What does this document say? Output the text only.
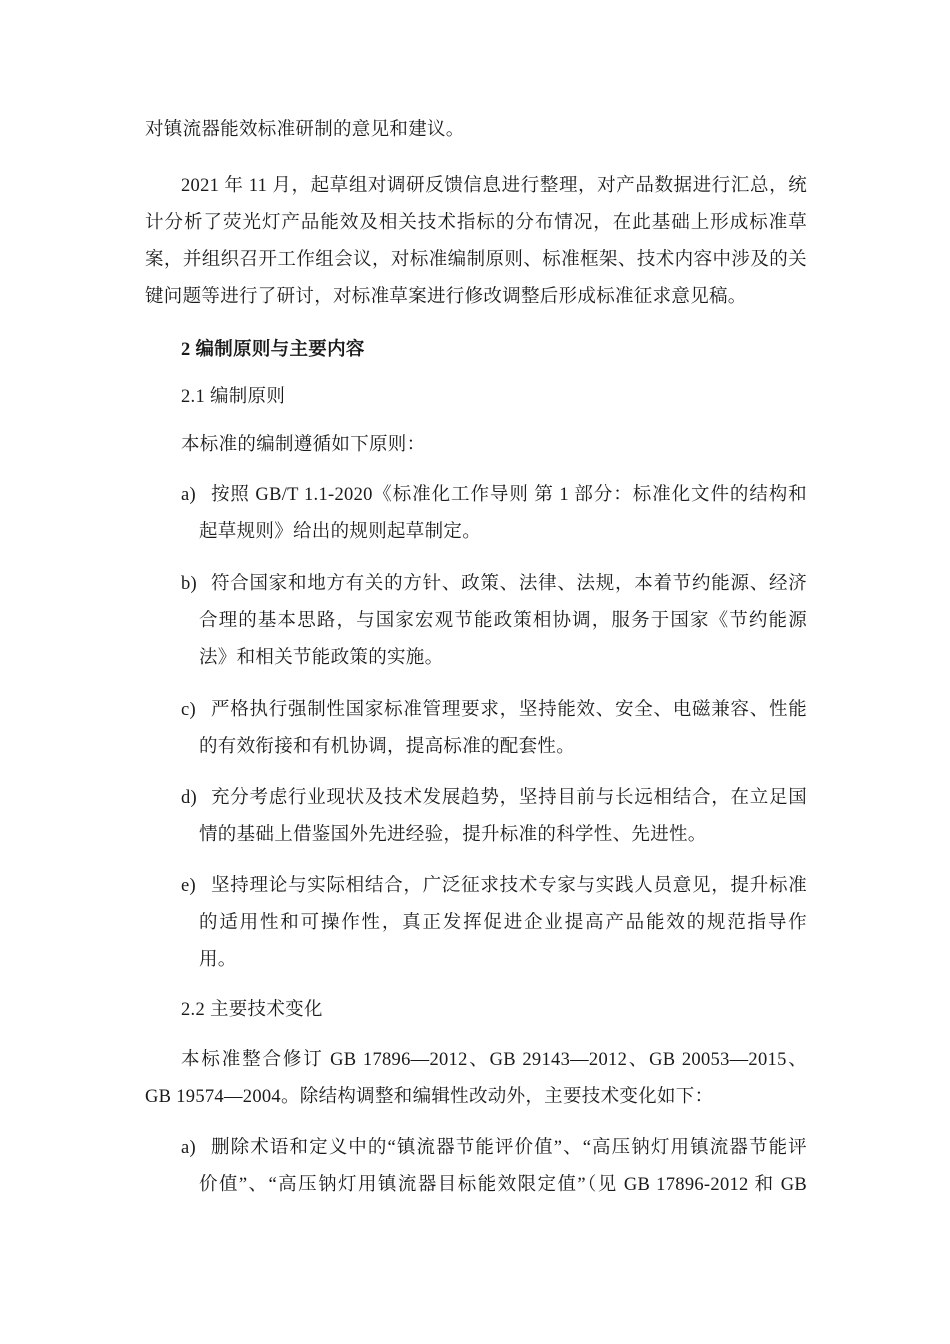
对镇流器能效标准研制的意见和建议。
2021 年 11 月，起草组对调研反馈信息进行整理，对产品数据进行汇总，统
计分析了荧光灯产品能效及相关技术指标的分布情况，在此基础上形成标准草
案，并组织召开工作组会议，对标准编制原则、标准框架、技术内容中涉及的关
键问题等进行了研讨，对标准草案进行修改调整后形成标准征求意见稿。
2 编制原则与主要内容
2.1 编制原则
本标准的编制遵循如下原则：
a) 按照 GB/T 1.1-2020《标准化工作导则 第 1 部分：标准化文件的结构和
起草规则》给出的规则起草制定。
b) 符合国家和地方有关的方针、政策、法律、法规，本着节约能源、经济
合理的基本思路，与国家宏观节能政策相协调，服务于国家《节约能源
法》和相关节能政策的实施。
c) 严格执行强制性国家标准管理要求，坚持能效、安全、电磁兼容、性能
的有效衔接和有机协调，提高标准的配套性。
d) 充分考虑行业现状及技术发展趋势，坚持目前与长远相结合，在立足国
情的基础上借鉴国外先进经验，提升标准的科学性、先进性。
e) 坚持理论与实际相结合，广泛征求技术专家与实践人员意见，提升标准
的适用性和可操作性，真正发挥促进企业提高产品能效的规范指导作
用。
2.2 主要技术变化
本标准整合修订 GB 17896—2012、GB 29143—2012、GB 20053—2015、
GB 19574—2004。除结构调整和编辑性改动外，主要技术变化如下：
a) 删除术语和定义中的“镇流器节能评价值”、“高压钠灯用镇流器节能评
价值”、“高压钠灯用镇流器目标能效限定值”（见 GB 17896-2012 和 GB
